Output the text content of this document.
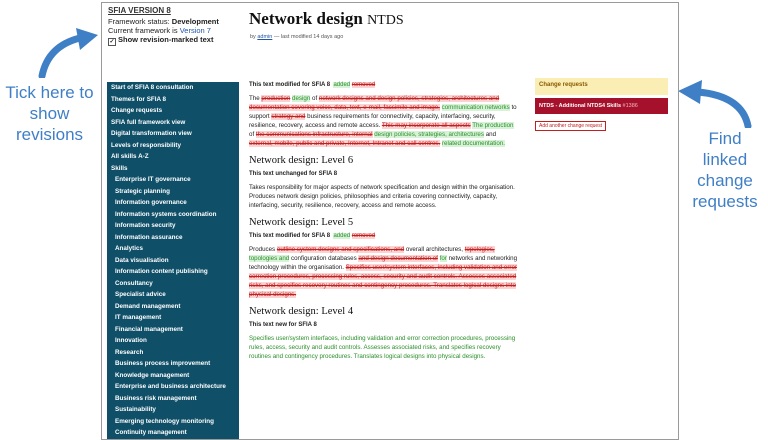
Tick here to show revisions	Find linked change requests
SFIA VERSION 8
Framework status: Development
Current framework is Version 7
✓ Show revision-marked text
Network design NTDS
by admin — last modified 14 days ago
Start of SFIA 8 consultation
Themes for SFIA 8
Change requests
SFIA full framework view
Digital transformation view
Levels of responsibility
All skills A-Z
Skills
Enterprise IT governance
Strategic planning
Information governance
Information systems coordination
Information security
Information assurance
Analytics
Data visualisation
Information content publishing
Consultancy
Specialist advice
Demand management
IT management
Financial management
Innovation
Research
Business process improvement
Knowledge management
Enterprise and business architecture
Business risk management
Sustainability
Emerging technology monitoring
Continuity management
This text modified for SFIA 8 added removed
The production design of network designs and design policies, strategies, architectures and documentation covering voice, data, text, e-mail, facsimile and image, communication networks to support strategy and business requirements for connectivity, capacity, interfacing, security, resilience, recovery, access and remote access. This may incorporate all aspects The production of the communications infrastructure, internal design policies, strategies, architectures and external, mobile, public and private, Internet, Intranet and call centres. related documentation.
Network design: Level 6
This text unchanged for SFIA 8
Takes responsibility for major aspects of network specification and design within the organisation. Produces network design policies, philosophies and criteria covering connectivity, capacity, interfacing, security, resilience, recovery, access and remote access.
Network design: Level 5
This text modified for SFIA 8 added removed
Produces outline system designs and specifications, and overall architectures, topologies, topologies and configuration databases and design documentation of for networks and networking technology within the organisation. Specifies user/system interfaces, including validation and error correction procedures, processing rules, access, security and audit controls. Assesses associated risks, and specifies recovery routines and contingency procedures. Translates logical designs into physical designs.
Network design: Level 4
This text new for SFIA 8
Specifies user/system interfaces, including validation and error correction procedures, processing rules, access, security and audit controls. Assesses associated risks, and specifies recovery routines and contingency procedures. Translates logical designs into physical designs.
Change requests
NTDS - Additional NTDS4 Skills #1386
Add another change request
